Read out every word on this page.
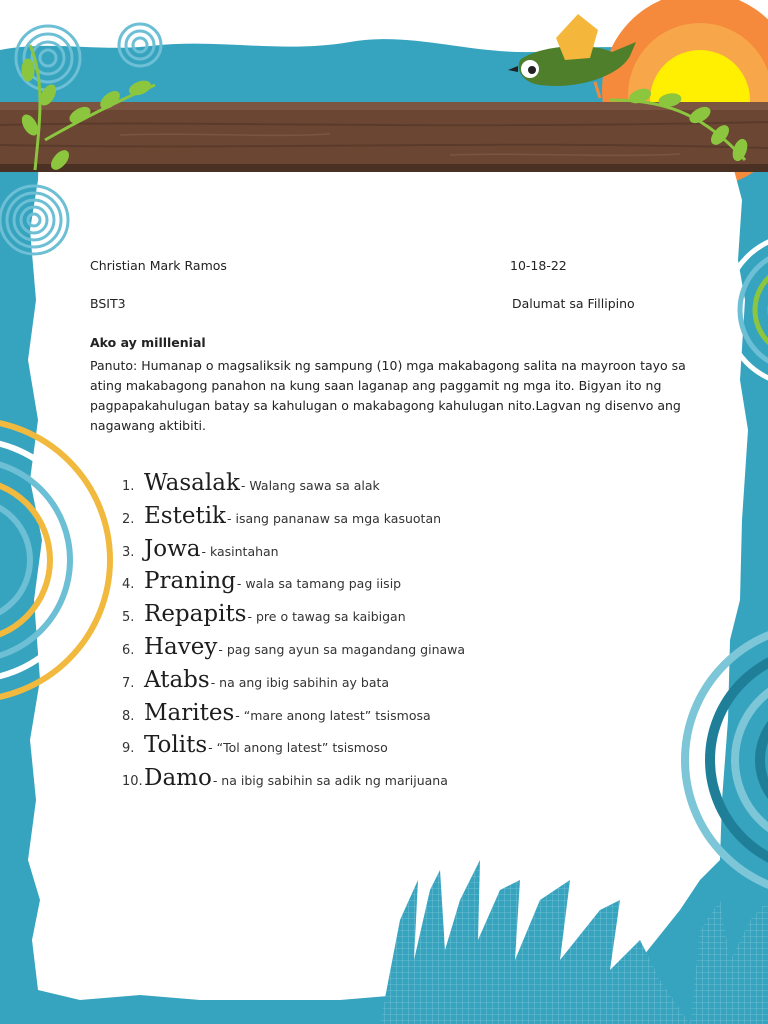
Christian Mark Ramos	10-18-22
BSIT3	Dalumat sa Fillipino
Ako ay milllenial
Panuto: Humanap o magsaliksik ng sampung (10) mga makabagong salita na mayroon tayo sa ating makabagong panahon na kung saan laganap ang paggamit ng mga ito. Bigyan ito ng pagpapakahulugan batay sa kahulugan o makabagong kahulugan nito.Lagvan ng disenvo ang nagawang aktibiti.
1. Wasalak - Walang sawa sa alak
2. Estetik - isang pananaw sa mga kasuotan
3. Jowa - kasintahan
4. Praning - wala sa tamang pag iisip
5. Repapits - pre o tawag sa kaibigan
6. Havey - pag sang ayun sa magandang ginawa
7. Atabs - na ang ibig sabihin ay bata
8. Marites - “mare anong latest” tsismosa
9. Tolits - “Tol anong latest” tsismoso
10. Damo - na ibig sabihin sa adik ng marijuana
